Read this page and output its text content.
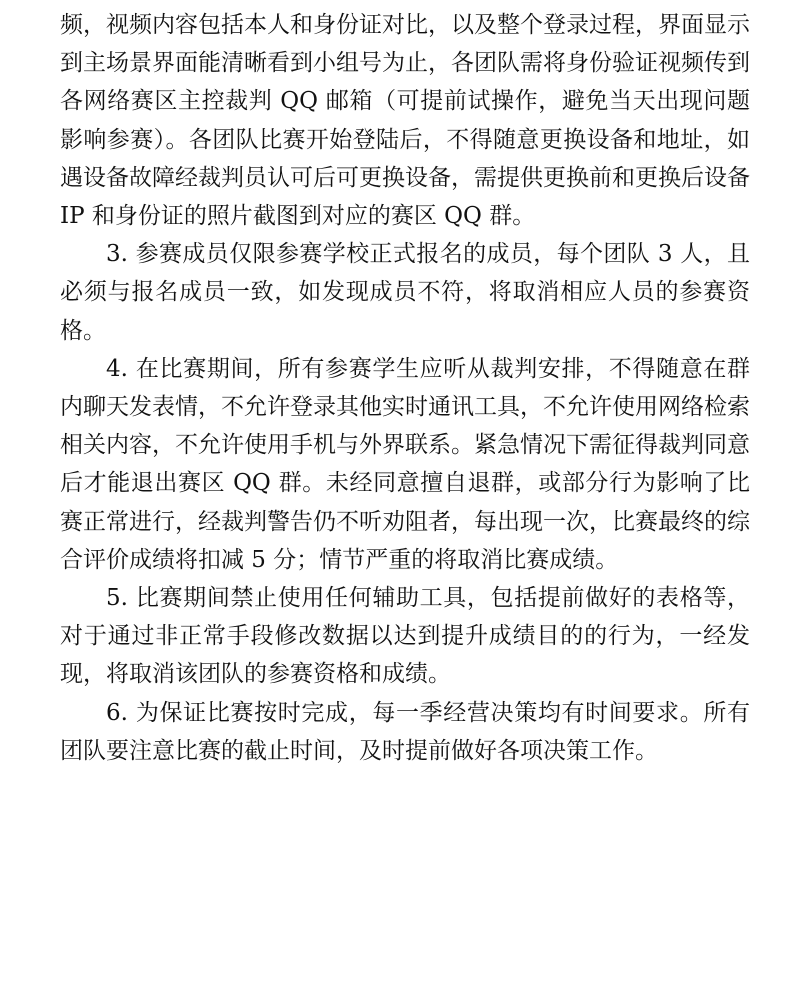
频，视频内容包括本人和身份证对比，以及整个登录过程，界面显示到主场景界面能清晰看到小组号为止，各团队需将身份验证视频传到各网络赛区主控裁判 QQ 邮箱（可提前试操作，避免当天出现问题影响参赛）。各团队比赛开始登陆后，不得随意更换设备和地址，如遇设备故障经裁判员认可后可更换设备，需提供更换前和更换后设备 IP 和身份证的照片截图到对应的赛区 QQ 群。

3. 参赛成员仅限参赛学校正式报名的成员，每个团队 3 人，且必须与报名成员一致，如发现成员不符，将取消相应人员的参赛资格。

4. 在比赛期间，所有参赛学生应听从裁判安排，不得随意在群内聊天发表情，不允许登录其他实时通讯工具，不允许使用网络检索相关内容，不允许使用手机与外界联系。紧急情况下需征得裁判同意后才能退出赛区 QQ 群。未经同意擅自退群，或部分行为影响了比赛正常进行，经裁判警告仍不听劝阻者，每出现一次，比赛最终的综合评价成绩将扣减 5 分；情节严重的将取消比赛成绩。

5. 比赛期间禁止使用任何辅助工具，包括提前做好的表格等，对于通过非正常手段修改数据以达到提升成绩目的的行为，一经发现，将取消该团队的参赛资格和成绩。

6. 为保证比赛按时完成，每一季经营决策均有时间要求。所有团队要注意比赛的截止时间，及时提前做好各项决策工作。
